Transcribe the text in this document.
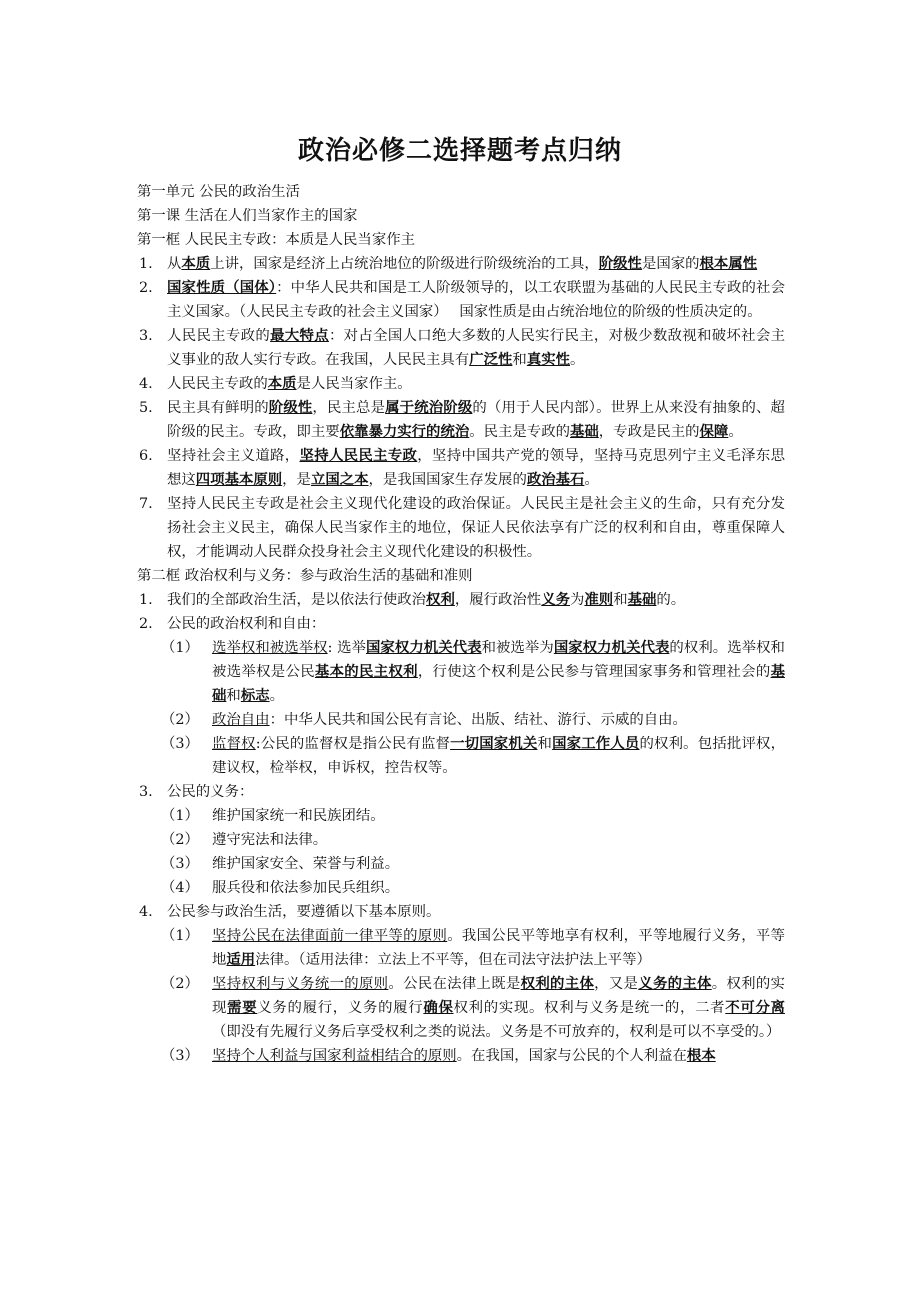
政治必修二选择题考点归纳
第一单元 公民的政治生活
第一课 生活在人们当家作主的国家
第一框 人民民主专政：本质是人民当家作主
1. 从本质上讲，国家是经济上占统治地位的阶级进行阶级统治的工具，阶级性是国家的根本属性
2. 国家性质（国体）：中华人民共和国是工人阶级领导的，以工农联盟为基础的人民民主专政的社会主义国家。（人民民主专政的社会主义国家）　 国家性质是由占统治地位的阶级的性质决定的。
3. 人民民主专政的最大特点：对占全国人口绝大多数的人民实行民主，对极少数敌视和破坏社会主义事业的敌人实行专政。在我国，人民民主具有广泛性和真实性。
4. 人民民主专政的本质是人民当家作主。
5. 民主具有鲜明的阶级性，民主总是属于统治阶级的（用于人民内部）。世界上从来没有抽象的、超阶级的民主。专政，即主要依靠暴力实行的统治。民主是专政的基础，专政是民主的保障。
6. 坚持社会主义道路，坚持人民民主专政，坚持中国共产党的领导，坚持马克思列宁主义毛泽东思想这四项基本原则，是立国之本，是我国国家生存发展的政治基石。
7. 坚持人民民主专政是社会主义现代化建设的政治保证。人民民主是社会主义的生命，只有充分发扬社会主义民主，确保人民当家作主的地位，保证人民依法享有广泛的权利和自由，尊重保障人权，才能调动人民群众投身社会主义现代化建设的积极性。
第二框 政治权利与义务：参与政治生活的基础和准则
1. 我们的全部政治生活，是以依法行使政治权利，履行政治性义务为准则和基础的。
2. 公民的政治权利和自由：
（1） 选举权和被选举权: 选举国家权力机关代表和被选举为国家权力机关代表的权利。选举权和被选举权是公民基本的民主权利，行使这个权利是公民参与管理国家事务和管理社会的基础和标志。
（2） 政治自由：中华人民共和国公民有言论、出版、结社、游行、示威的自由。
（3） 监督权:公民的监督权是指公民有监督一切国家机关和国家工作人员的权利。包括批评权，建议权，检举权，申诉权，控告权等。
3. 公民的义务：
（1） 维护国家统一和民族团结。
（2） 遵守宪法和法律。
（3） 维护国家安全、荣誉与利益。
（4） 服兵役和依法参加民兵组织。
4. 公民参与政治生活，要遵循以下基本原则。
（1） 坚持公民在法律面前一律平等的原则。我国公民平等地享有权利，平等地履行义务，平等地适用法律。（适用法律：立法上不平等，但在司法守法护法上平等）
（2） 坚持权利与义务统一的原则。公民在法律上既是权利的主体，又是义务的主体。权利的实现需要义务的履行，义务的履行确保权利的实现。权利与义务是统一的，二者不可分离（即没有先履行义务后享受权利之类的说法。义务是不可放弃的，权利是可以不享受的。）
（3） 坚持个人利益与国家利益相结合的原则。在我国，国家与公民的个人利益在根本
